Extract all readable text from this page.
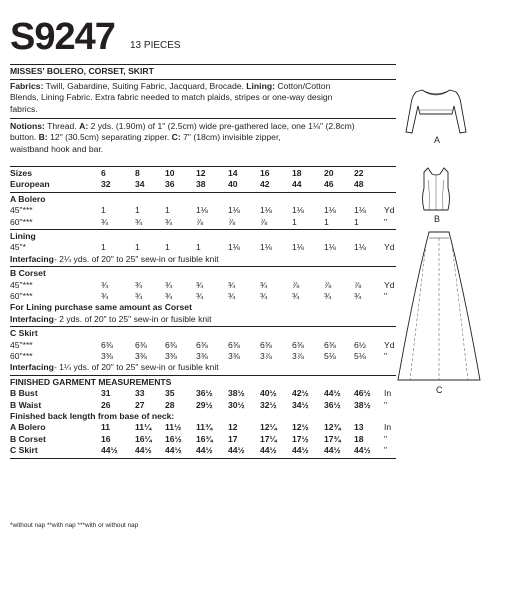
S9247 13 PIECES
MISSES' BOLERO, CORSET, SKIRT
Fabrics: Twill, Gabardine, Suiting Fabric, Jacquard, Brocade. Lining: Cotton/Cotton
Blends, Lining Fabric. Extra fabric needed to match plaids, stripes or one-way design
fabrics.
Notions: Thread. A: 2 yds. (1.90m) of 1" (2.5cm) wide pre-gathered lace, one 1⅛" (2.8cm)
button. B: 12" (30.5cm) separating zipper. C: 7" (18cm) invisible zipper,
waistband hook and bar.
Sizes	6	8	10 12	14	16	18	20 22
European	32	34 36 38	40	42	44	46 48
A Bolero
45"***	1	1	1	1⅛ 1⅛ 1⅛ 1⅛ 1⅛ 1⅛ Yd
60"***	¾	¾	¾	⅞	⅞	⅞	1	1	1	"
Lining
45"*	1	1	1	1	1⅛ 1⅛ 1⅛ 1⅛ 1⅛ Yd
Interfacing- 2¼ yds. of 20" to 25" sew-in or fusible knit
B Corset
45"***	¾	¾	¾	¾	¾	¾	⅞	⅞	⅞	Yd
60"***	¾	¾	¾	¾	¾	¾	¾	¾	¾	"
For Lining purchase same amount as Corset
Interfacing- 2 yds. of 20" to 25" sew-in or fusible knit
C Skirt
45"***	6⅜	6⅜ 6⅜ 6⅜ 6⅜ 6⅜ 6⅜ 6⅜ 6½ Yd
60"***	3⅜	3⅜ 3⅜ 3⅜ 3⅜ 3⅞ 3⅞ 5⅛ 5⅛ "
Interfacing- 1¼ yds. of 20" to 25" sew-in or fusible knit
FINISHED GARMENT MEASUREMENTS
B Bust	31	33 35 36½ 38½ 40½ 42½ 44½ 46½ In
B Waist	26	27 28 29½ 30½ 32½ 34½ 36½ 38½ "
Finished back length from base of neck:
A Bolero	11	11¼ 11½ 11¾ 12	12¼ 12½ 12¾ 13 In
B Corset	16	16¼ 16½ 16¾ 17	17¼ 17½ 17¾ 18 "
C Skirt	44½ 44½ 44½ 44½ 44½ 44½ 44½ 44½ 44½ "
*without nap **with nap ***with or without nap
A
B
C
